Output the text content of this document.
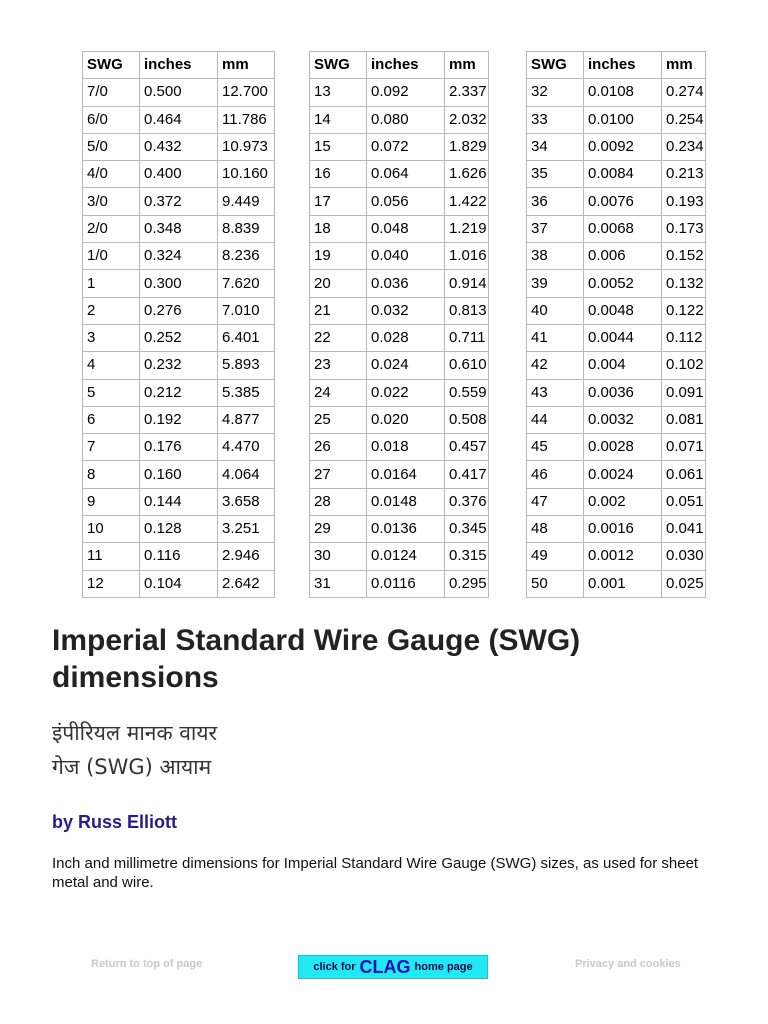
SWG	inches	mm
7/0	0.500	12.700
6/0	0.464	11.786
5/0	0.432	10.973
4/0	0.400	10.160
3/0	0.372	9.449
2/0	0.348	8.839
1/0	0.324	8.236
1	0.300	7.620
2	0.276	7.010
3	0.252	6.401
4	0.232	5.893
5	0.212	5.385
6	0.192	4.877
7	0.176	4.470
8	0.160	4.064
9	0.144	3.658
10	0.128	3.251
11	0.116	2.946
12	0.104	2.642
SWG	inches	mm
13	0.092	2.337
14	0.080	2.032
15	0.072	1.829
16	0.064	1.626
17	0.056	1.422
18	0.048	1.219
19	0.040	1.016
20	0.036	0.914
21	0.032	0.813
22	0.028	0.711
23	0.024	0.610
24	0.022	0.559
25	0.020	0.508
26	0.018	0.457
27	0.0164	0.417
28	0.0148	0.376
29	0.0136	0.345
30	0.0124	0.315
31	0.0116	0.295
SWG	inches	mm
32	0.0108	0.274
33	0.0100	0.254
34	0.0092	0.234
35	0.0084	0.213
36	0.0076	0.193
37	0.0068	0.173
38	0.006	0.152
39	0.0052	0.132
40	0.0048	0.122
41	0.0044	0.112
42	0.004	0.102
43	0.0036	0.091
44	0.0032	0.081
45	0.0028	0.071
46	0.0024	0.061
47	0.002	0.051
48	0.0016	0.041
49	0.0012	0.030
50	0.001	0.025
Imperial Standard Wire Gauge (SWG) dimensions
इंपीरियल मानक वायर
गेज (SWG) आयाम

by Russ Elliott

Inch and millimetre dimensions for Imperial Standard Wire Gauge (SWG) sizes, as used for sheet metal and wire.

Return to top of page	click for CLAG home page	Privacy and cookies
